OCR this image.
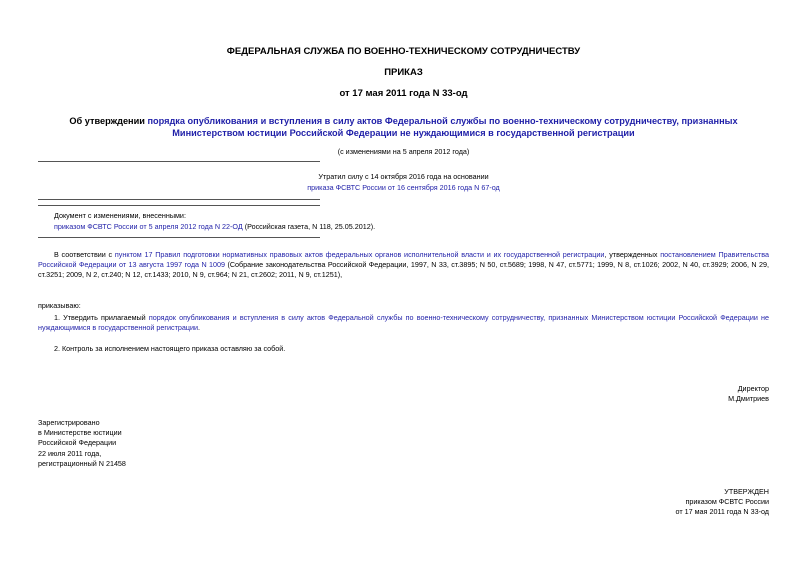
ФЕДЕРАЛЬНАЯ СЛУЖБА ПО ВОЕННО-ТЕХНИЧЕСКОМУ СОТРУДНИЧЕСТВУ
ПРИКАЗ
от 17 мая 2011 года N 33-од
Об утверждении порядка опубликования и вступления в силу актов Федеральной службы по военно-техническому сотрудничеству, признанных Министерством юстиции Российской Федерации не нуждающимися в государственной регистрации
(с изменениями на 5 апреля 2012 года)
Утратил силу с 14 октября 2016 года на основании
приказа ФСВТС России от 16 сентября 2016 года N 67-од
Документ с изменениями, внесенными:
приказом ФСВТС России от 5 апреля 2012 года N 22-ОД (Российская газета, N 118, 25.05.2012).
В соответствии с пунктом 17 Правил подготовки нормативных правовых актов федеральных органов исполнительной власти и их государственной регистрации, утвержденных постановлением Правительства Российской Федерации от 13 августа 1997 года N 1009 (Собрание законодательства Российской Федерации, 1997, N 33, ст.3895; N 50, ст.5689; 1998, N 47, ст.5771; 1999, N 8, ст.1026; 2002, N 40, ст.3929; 2006, N 29, ст.3251; 2009, N 2, ст.240; N 12, ст.1433; 2010, N 9, ст.964; N 21, ст.2602; 2011, N 9, ст.1251),
приказываю:
1. Утвердить прилагаемый порядок опубликования и вступления в силу актов Федеральной службы по военно-техническому сотрудничеству, признанных Министерством юстиции Российской Федерации не нуждающимися в государственной регистрации.
2. Контроль за исполнением настоящего приказа оставляю за собой.
Директор
М.Дмитриев
Зарегистрировано
в Министерстве юстиции
Российской Федерации
22 июля 2011 года,
регистрационный N 21458
УТВЕРЖДЕН
приказом ФСВТС России
от 17 мая 2011 года N 33-од
